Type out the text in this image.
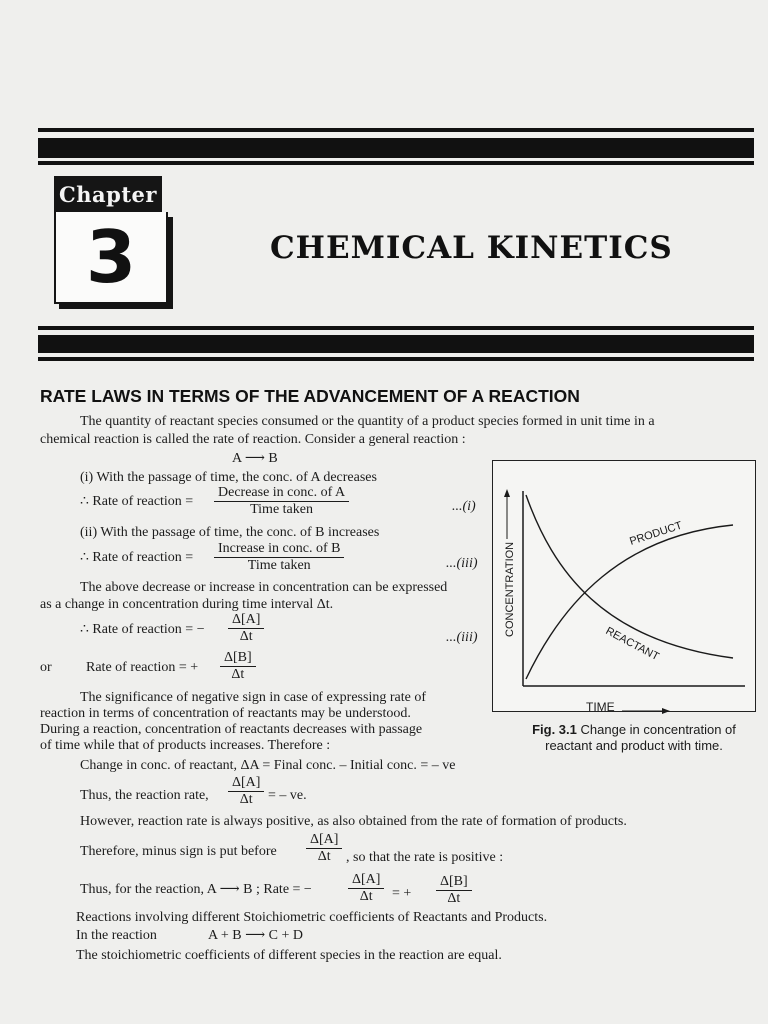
Chapter
3	CHEMICAL KINETICS
RATE LAWS IN TERMS OF THE ADVANCEMENT OF A REACTION
The quantity of reactant species consumed or the quantity of a product species formed in unit time in a
chemical reaction is called the rate of reaction. Consider a general reaction :
A ⟶ B
(i) With the passage of time, the conc. of A decreases
∴ Rate of reaction =
Decrease in conc. of A
Time taken	...(i)
(ii) With the passage of time, the conc. of B increases
∴ Rate of reaction =
Increase in conc. of B
Time taken	...(iii)
The above decrease or increase in concentration can be expressed
as a change in concentration during time interval Δt.
∴ Rate of reaction = − $\frac{\Delta[A]}{\Delta t}$	...(iii)
or Rate of reaction = + $\frac{\Delta[B]}{\Delta t}$
The significance of negative sign in case of expressing rate of
reaction in terms of concentration of reactants may be understood.
During a reaction, concentration of reactants decreases with passage
of time while that of products increases. Therefore :
Change in conc. of reactant, ΔA = Final conc. – Initial conc. = – ve
Thus, the reaction rate, $\frac{\Delta[A]}{\Delta t}$ = – ve.
However, reaction rate is always positive, as also obtained from the rate of formation of products.
Therefore, minus sign is put before $\frac{\Delta[A]}{\Delta t}$ , so that the rate is positive :
Thus, for the reaction, A ⟶ B ; Rate = −	$\frac{\Delta[A]}{\Delta t}$ = + $\frac{\Delta[B]}{\Delta t}$
Reactions involving different Stoichiometric coefficients of Reactants and Products.
In the reaction	A + B ⟶ C + D
The stoichiometric coefficients of different species in the reaction are equal.
CONCENTRATION
PRODUCT
REACTANT
TIME
Fig. 3.1 Change in concentration of reactant and product with time.
